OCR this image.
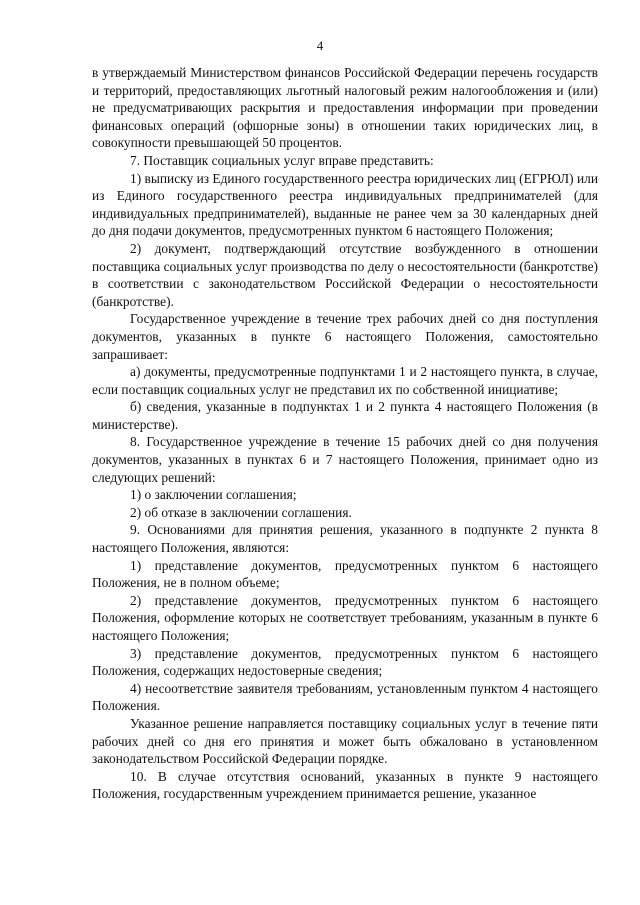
4

в утверждаемый Министерством финансов Российской Федерации перечень государств и территорий, предоставляющих льготный налоговый режим налогообложения и (или) не предусматривающих раскрытия и предоставления информации при проведении финансовых операций (офшорные зоны) в отношении таких юридических лиц, в совокупности превышающей 50 процентов.

7. Поставщик социальных услуг вправе представить:

1) выписку из Единого государственного реестра юридических лиц (ЕГРЮЛ) или из Единого государственного реестра индивидуальных предпринимателей (для индивидуальных предпринимателей), выданные не ранее чем за 30 календарных дней до дня подачи документов, предусмотренных пунктом 6 настоящего Положения;

2) документ, подтверждающий отсутствие возбужденного в отношении поставщика социальных услуг производства по делу о несостоятельности (банкротстве) в соответствии с законодательством Российской Федерации о несостоятельности (банкротстве).

Государственное учреждение в течение трех рабочих дней со дня поступления документов, указанных в пункте 6 настоящего Положения, самостоятельно запрашивает:

а) документы, предусмотренные подпунктами 1 и 2 настоящего пункта, в случае, если поставщик социальных услуг не представил их по собственной инициативе;

б) сведения, указанные в подпунктах 1 и 2 пункта 4 настоящего Положения (в министерстве).

8. Государственное учреждение в течение 15 рабочих дней со дня получения документов, указанных в пунктах 6 и 7 настоящего Положения, принимает одно из следующих решений:

1) о заключении соглашения;

2) об отказе в заключении соглашения.

9. Основаниями для принятия решения, указанного в подпункте 2 пункта 8 настоящего Положения, являются:

1) представление документов, предусмотренных пунктом 6 настоящего Положения, не в полном объеме;

2) представление документов, предусмотренных пунктом 6 настоящего Положения, оформление которых не соответствует требованиям, указанным в пункте 6 настоящего Положения;

3) представление документов, предусмотренных пунктом 6 настоящего Положения, содержащих недостоверные сведения;

4) несоответствие заявителя требованиям, установленным пунктом 4 настоящего Положения.

Указанное решение направляется поставщику социальных услуг в течение пяти рабочих дней со дня его принятия и может быть обжаловано в установленном законодательством Российской Федерации порядке.

10. В случае отсутствия оснований, указанных в пункте 9 настоящего Положения, государственным учреждением принимается решение, указанное
